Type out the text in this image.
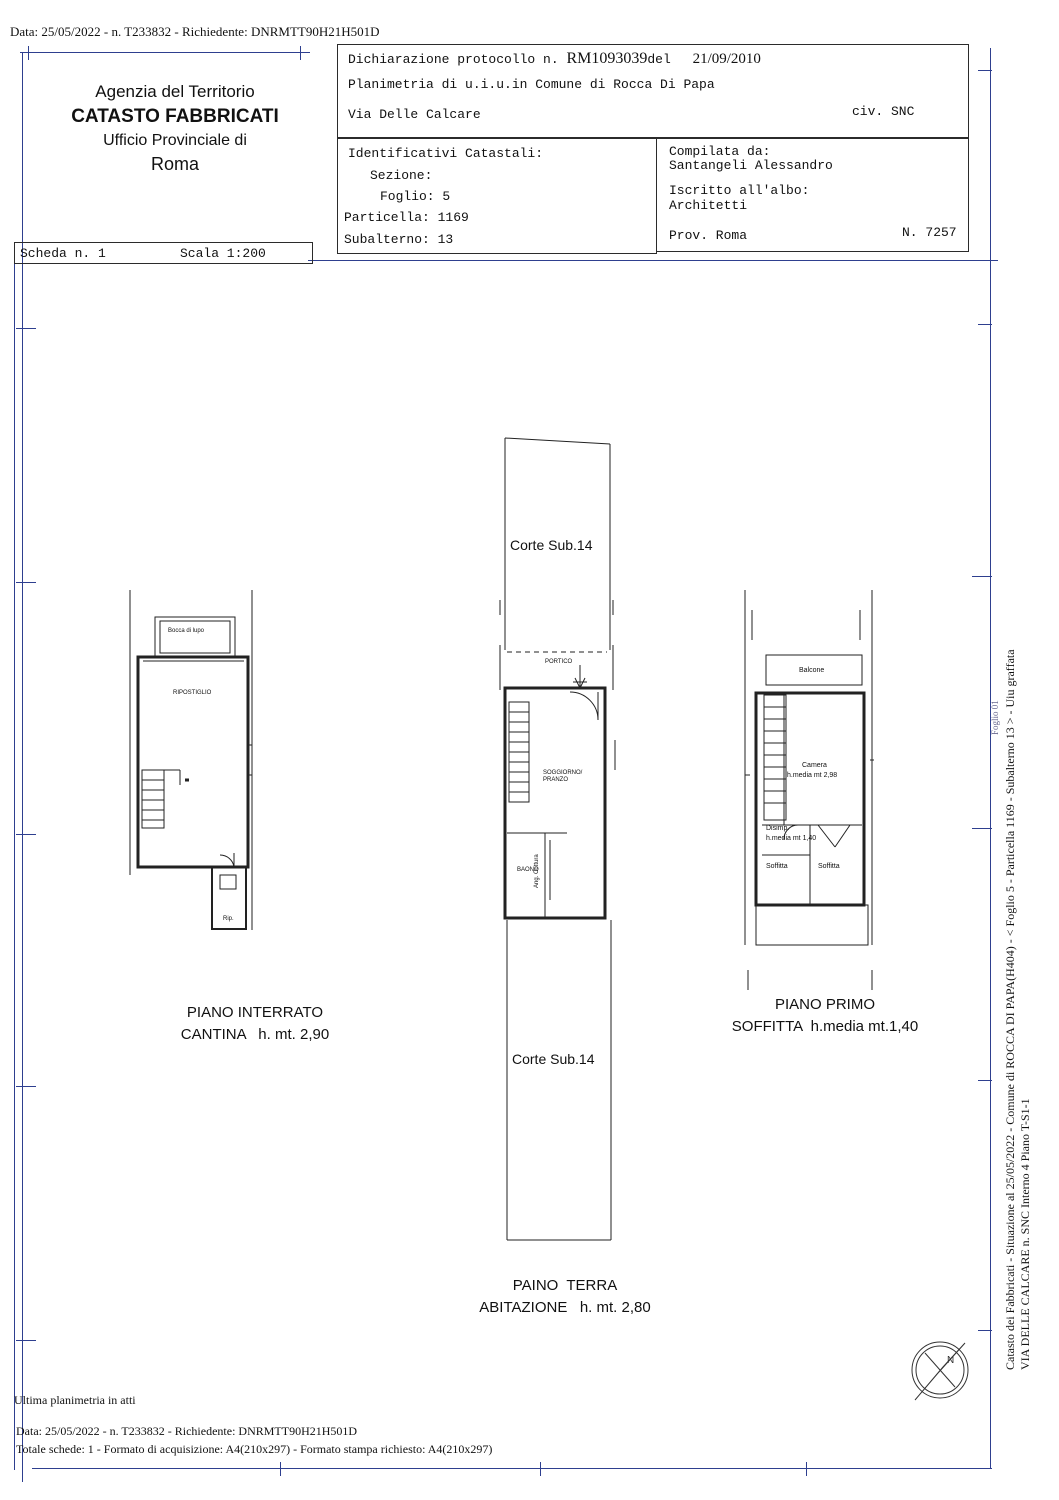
Data: 25/05/2022 - n. T233832 - Richiedente: DNRMTT90H21H501D
Agenzia del Territorio
CATASTO FABBRICATI
Ufficio Provinciale di
Roma
Dichiarazione protocollo n. RM1093039del 21/09/2010
Planimetria di u.i.u.in Comune di Rocca Di Papa
Via Delle Calcare	civ. SNC
Identificativi Catastali:
Sezione:
Foglio: 5
Particella: 1169
Subalterno: 13
Compilata da:
Santangeli Alessandro
Iscritto all'albo:
Architetti
Prov. Roma	N. 7257
Scheda n. 1	Scala 1:200
Bocca di lupo
RIPOSTIGLIO
Rip.
PIANO INTERRATO
CANTINA   h. mt. 2,90
Corte Sub.14
PORTICO
SOGGIORNO/
PRANZO
BAONO
Ang. Cottura
Corte Sub.14
PAINO  TERRA
ABITAZIONE   h. mt. 2,80
Balcone
Camera
h.media mt 2,98
Disimp.
h.media mt 1,40
Soffitta	Soffitta
PIANO PRIMO
SOFFITTA  h.media mt.1,40
N	Catasto dei Fabbricati - Situazione al 25/05/2022 - Comune di ROCCA DI PAPA(H404) - < Foglio 5 - Particella 1169 - Subalterno 13 > - Uiu graffata VIA DELLE CALCARE n. SNC Interno 4 Piano T-S1-1
Foglio 01
Ultima planimetria in atti
Data: 25/05/2022 - n. T233832 - Richiedente: DNRMTT90H21H501D
Totale schede: 1 - Formato di acquisizione: A4(210x297) - Formato stampa richiesto: A4(210x297)
